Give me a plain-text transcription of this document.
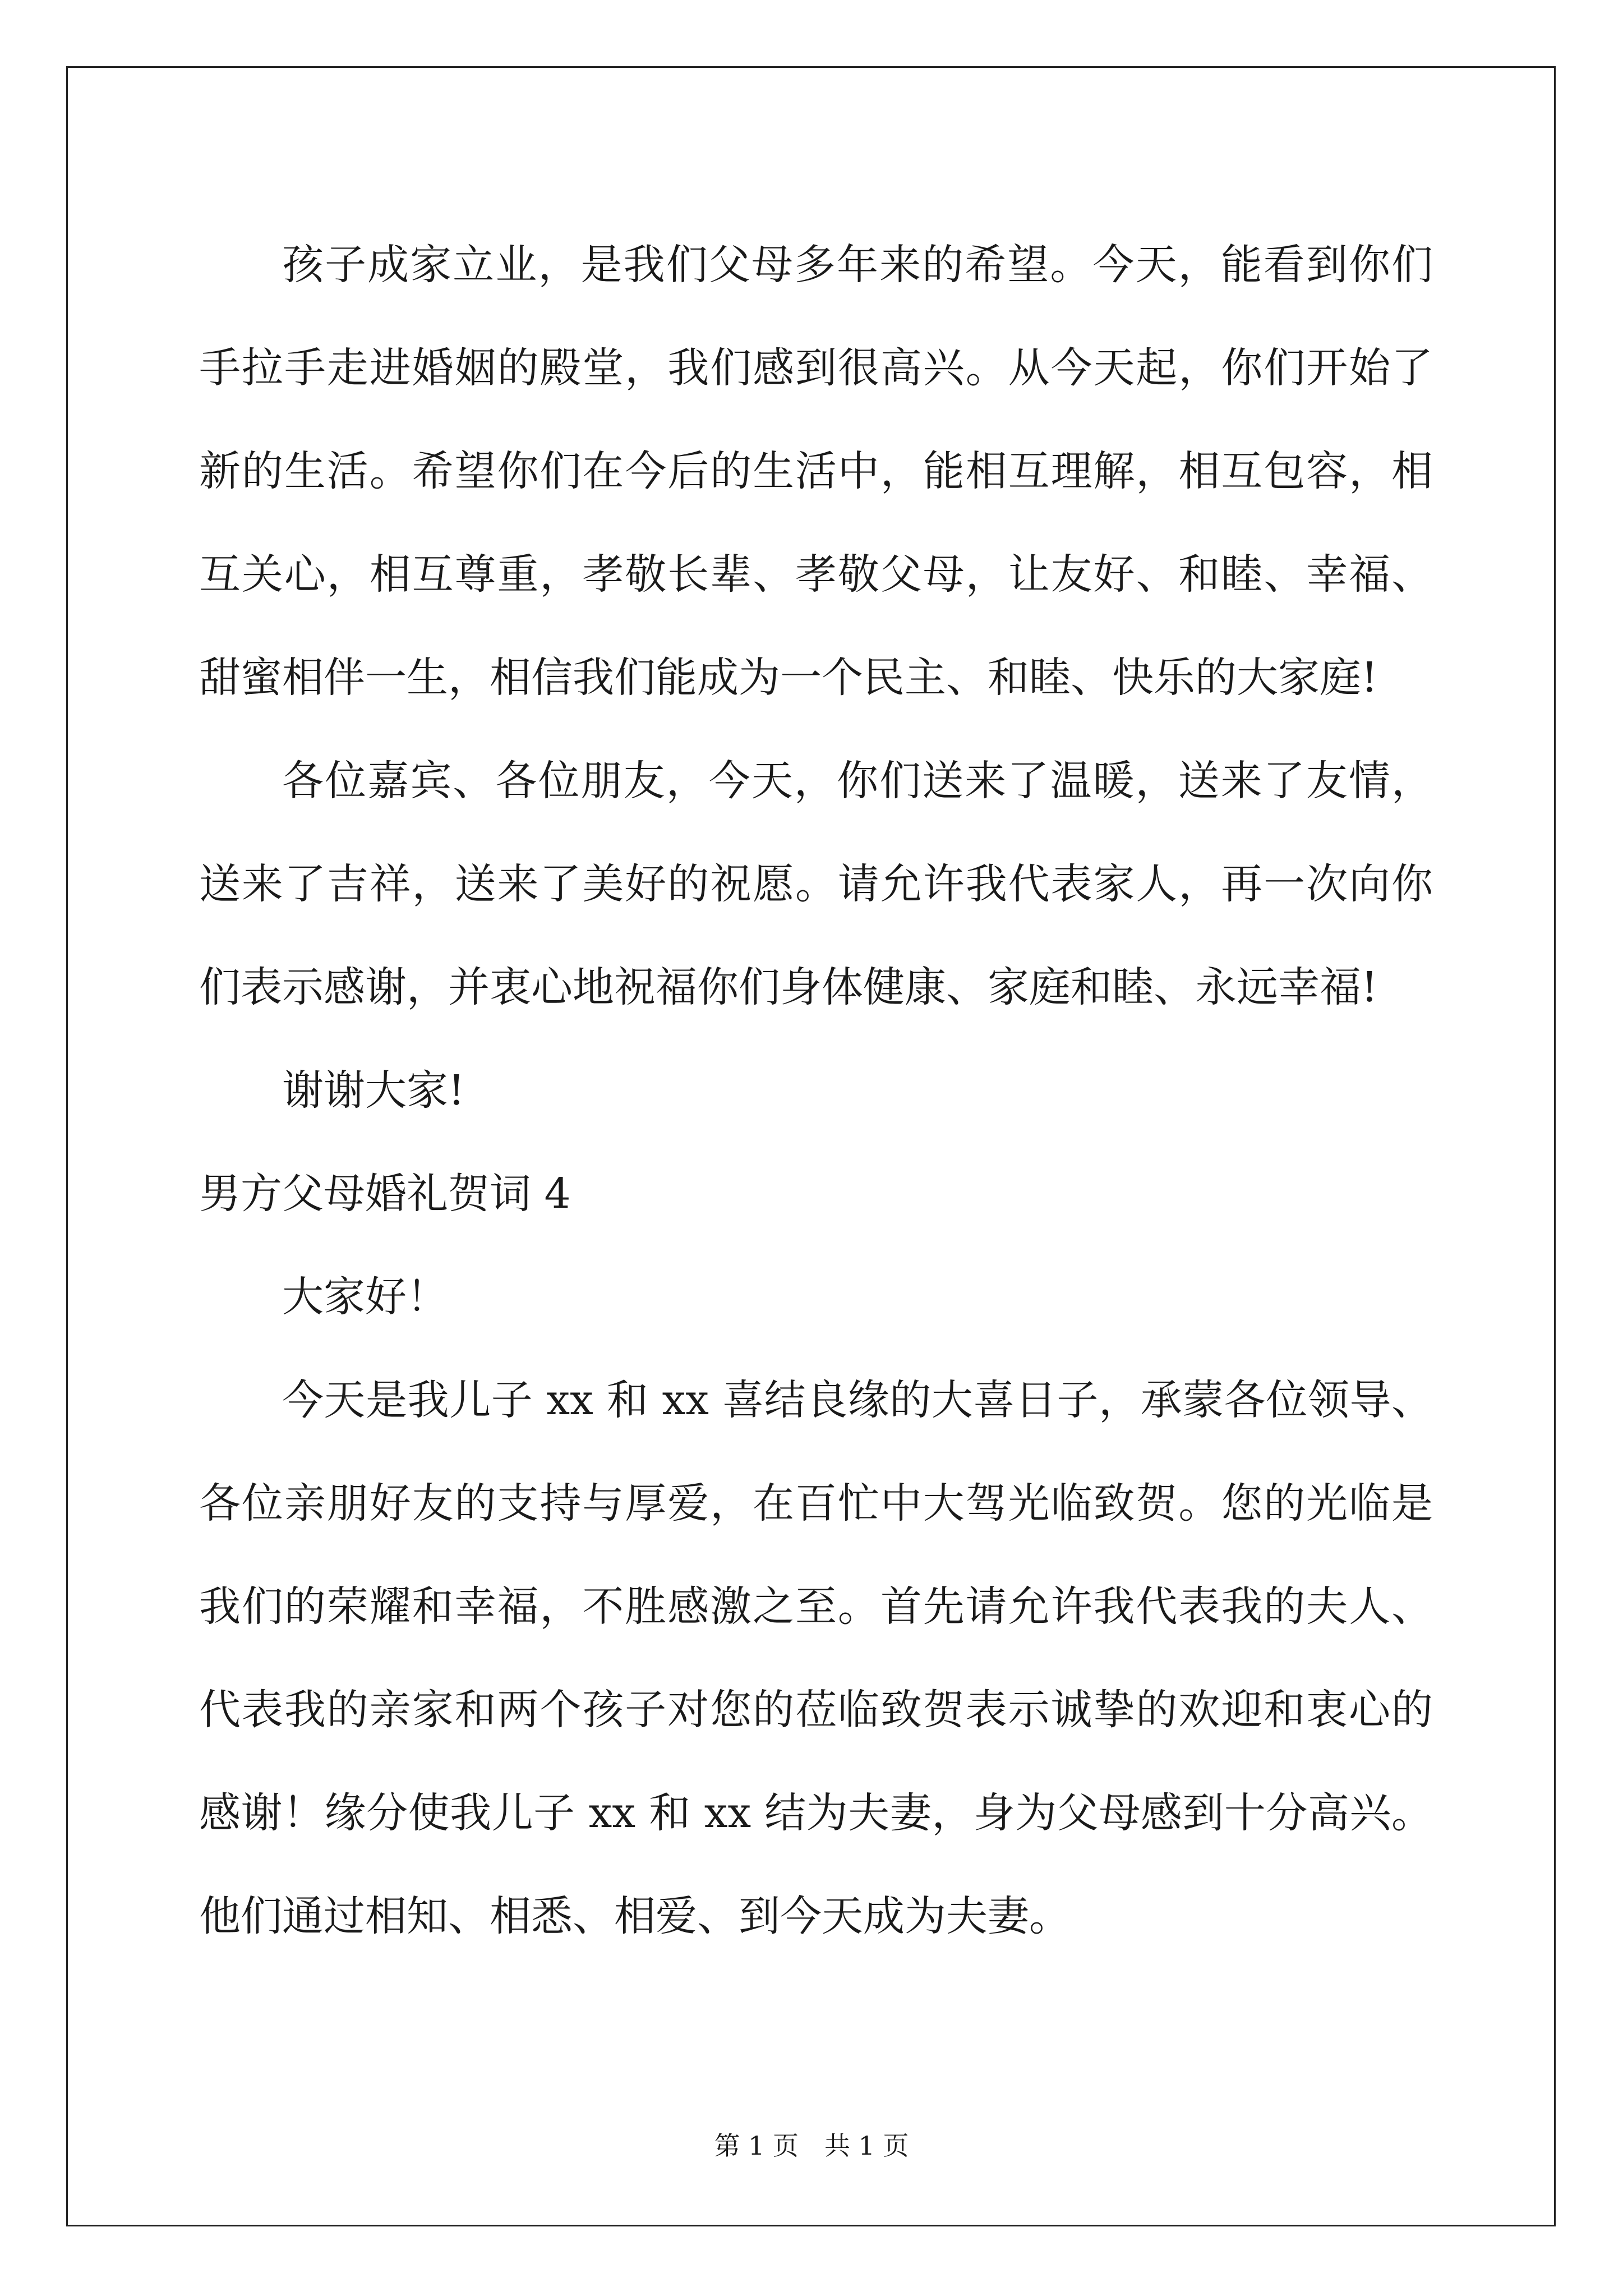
孩子成家立业，是我们父母多年来的希望。今天，能看到你们手拉手走进婚姻的殿堂，我们感到很高兴。从今天起，你们开始了新的生活。希望你们在今后的生活中，能相互理解，相互包容，相互关心，相互尊重，孝敬长辈、孝敬父母，让友好、和睦、幸福、甜蜜相伴一生，相信我们能成为一个民主、和睦、快乐的大家庭!

各位嘉宾、各位朋友，今天，你们送来了温暖，送来了友情，送来了吉祥，送来了美好的祝愿。请允许我代表家人，再一次向你们表示感谢，并衷心地祝福你们身体健康、家庭和睦、永远幸福!

谢谢大家!

男方父母婚礼贺词 4

大家好！

今天是我儿子 xx 和 xx 喜结良缘的大喜日子，承蒙各位领导、各位亲朋好友的支持与厚爱，在百忙中大驾光临致贺。您的光临是我们的荣耀和幸福，不胜感激之至。首先请允许我代表我的夫人、代表我的亲家和两个孩子对您的莅临致贺表示诚挚的欢迎和衷心的感谢！缘分使我儿子 xx 和 xx 结为夫妻，身为父母感到十分高兴。他们通过相知、相悉、相爱、到今天成为夫妻。

第 1 页　共 1 页
